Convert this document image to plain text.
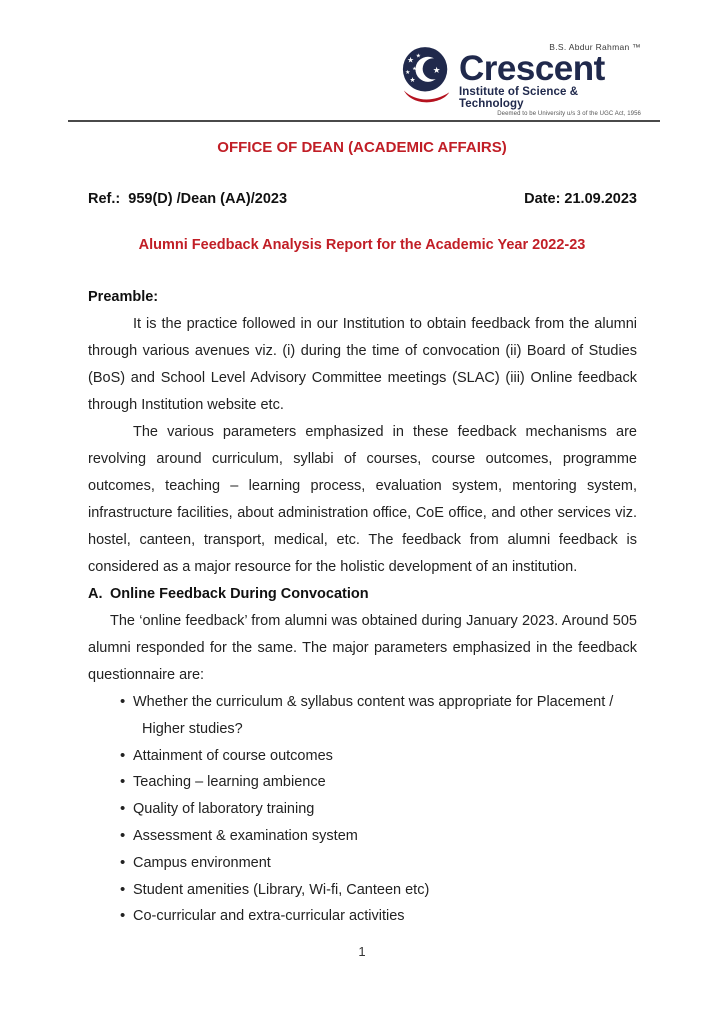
★
★ ★
★
★
★
B.S. Abdur Rahman ™
Crescent
Institute of Science & Technology
Deemed to be University u/s 3 of the UGC Act, 1956
OFFICE OF DEAN (ACADEMIC AFFAIRS)
Ref.:  959(D) /Dean (AA)/2023	Date: 21.09.2023
Alumni Feedback Analysis Report for the Academic Year 2022-23
Preamble:

It is the practice followed in our Institution to obtain feedback from the alumni through various avenues viz. (i) during the time of convocation (ii) Board of Studies (BoS) and School Level Advisory Committee meetings (SLAC) (iii) Online feedback through Institution website etc.

The various parameters emphasized in these feedback mechanisms are revolving around curriculum, syllabi of courses, course outcomes, programme outcomes, teaching – learning process, evaluation system, mentoring system, infrastructure facilities, about administration office, CoE office, and other services viz. hostel, canteen, transport, medical, etc. The feedback from alumni feedback is considered as a major resource for the holistic development of an institution.

A. Online Feedback During Convocation

The ‘online feedback’ from alumni was obtained during January 2023. Around 505 alumni responded for the same. The major parameters emphasized in the feedback questionnaire are:

• Whether the curriculum & syllabus content was appropriate for Placement / Higher studies?
• Attainment of course outcomes
• Teaching – learning ambience
• Quality of laboratory training
• Assessment & examination system
• Campus environment
• Student amenities (Library, Wi-fi, Canteen etc)
• Co-curricular and extra-curricular activities
1
